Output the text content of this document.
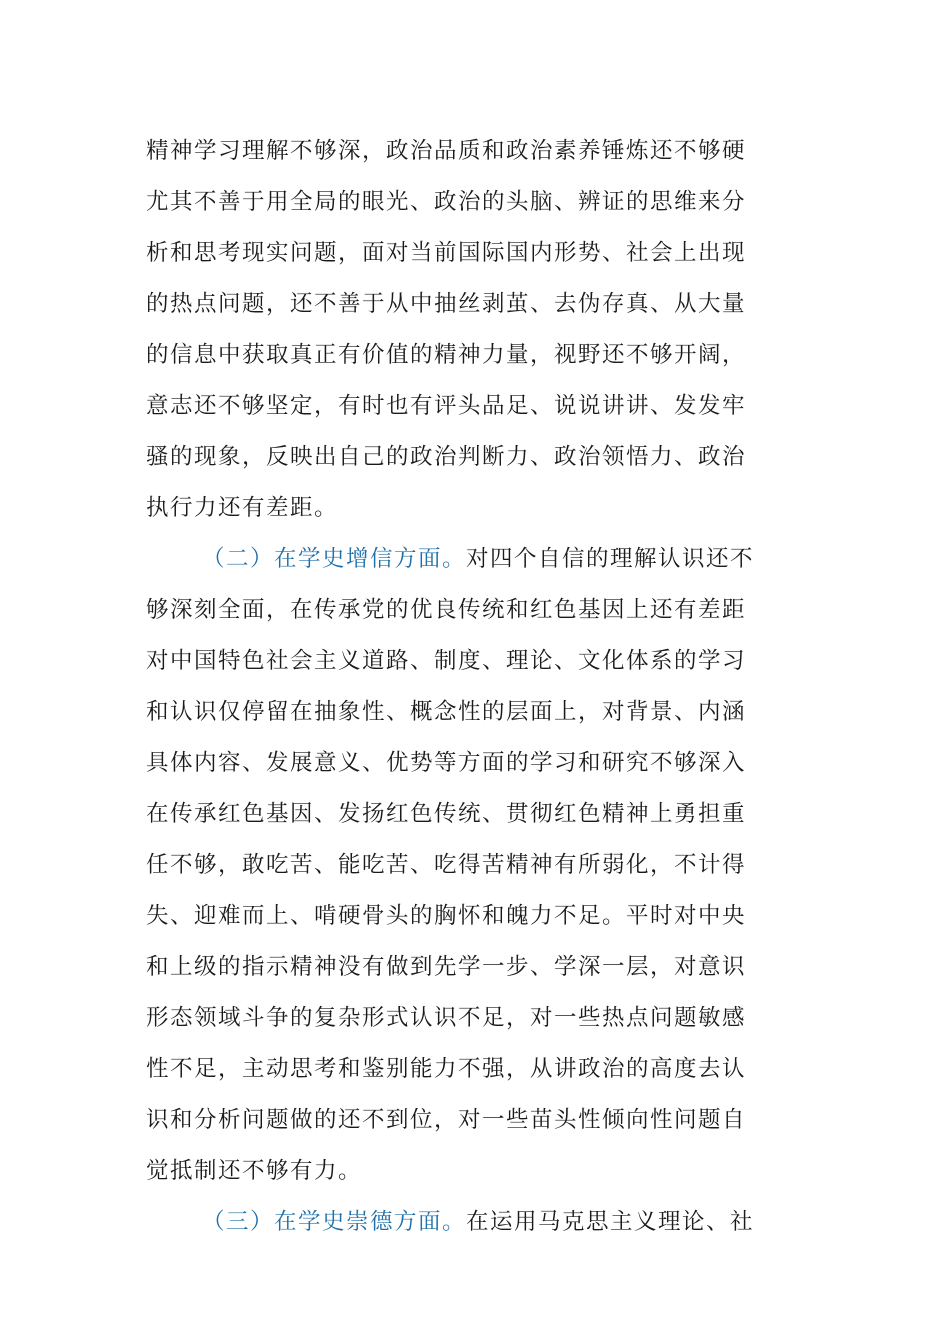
精神学习理解不够深，政治品质和政治素养锤炼还不够硬
尤其不善于用全局的眼光、政治的头脑、辨证的思维来分
析和思考现实问题，面对当前国际国内形势、社会上出现
的热点问题，还不善于从中抽丝剥茧、去伪存真、从大量
的信息中获取真正有价值的精神力量，视野还不够开阔，
意志还不够坚定，有时也有评头品足、说说讲讲、发发牢
骚的现象，反映出自己的政治判断力、政治领悟力、政治
执行力还有差距。
（二）在学史增信方面。对四个自信的理解认识还不
够深刻全面，在传承党的优良传统和红色基因上还有差距
对中国特色社会主义道路、制度、理论、文化体系的学习
和认识仅停留在抽象性、概念性的层面上，对背景、内涵
具体内容、发展意义、优势等方面的学习和研究不够深入
在传承红色基因、发扬红色传统、贯彻红色精神上勇担重
任不够，敢吃苦、能吃苦、吃得苦精神有所弱化，不计得
失、迎难而上、啃硬骨头的胸怀和魄力不足。平时对中央
和上级的指示精神没有做到先学一步、学深一层，对意识
形态领域斗争的复杂形式认识不足，对一些热点问题敏感
性不足，主动思考和鉴别能力不强，从讲政治的高度去认
识和分析问题做的还不到位，对一些苗头性倾向性问题自
觉抵制还不够有力。
（三）在学史崇德方面。在运用马克思主义理论、社
